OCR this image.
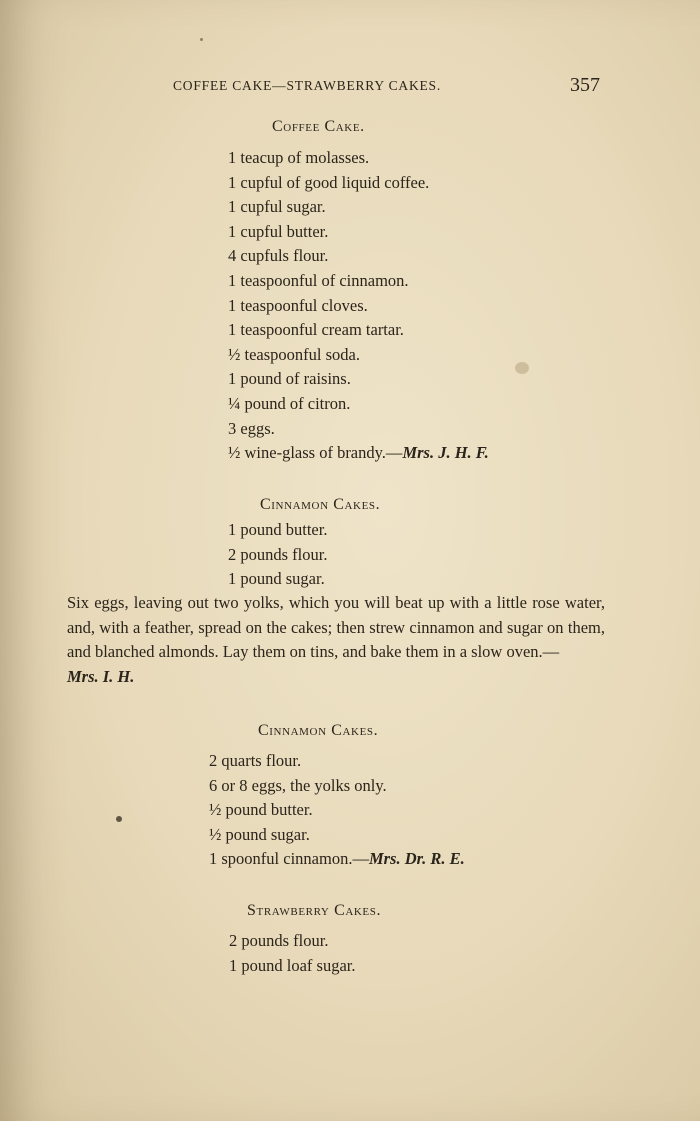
COFFEE CAKE—STRAWBERRY CAKES.	357
Coffee Cake.
1 teacup of molasses.
1 cupful of good liquid coffee.
1 cupful sugar.
1 cupful butter.
4 cupfuls flour.
1 teaspoonful of cinnamon.
1 teaspoonful cloves.
1 teaspoonful cream tartar.
½ teaspoonful soda.
1 pound of raisins.
¼ pound of citron.
3 eggs.
½ wine-glass of brandy.—Mrs. J. H. F.
Cinnamon Cakes.
1 pound butter.
2 pounds flour.
1 pound sugar.

Six eggs, leaving out two yolks, which you will beat up with a little rose water, and, with a feather, spread on the cakes; then strew cinnamon and sugar on them, and blanched almonds. Lay them on tins, and bake them in a slow oven.—
Mrs. I. H.

Cinnamon Cakes.
2 quarts flour.
6 or 8 eggs, the yolks only.
½ pound butter.
½ pound sugar.
1 spoonful cinnamon.—Mrs. Dr. R. E.
Strawberry Cakes.
2 pounds flour.
1 pound loaf sugar.
